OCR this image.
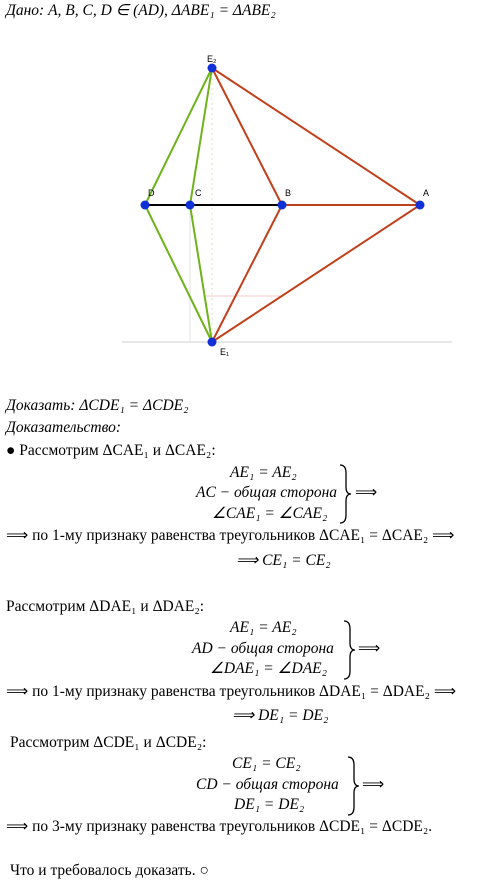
Дано: A, B, C, D ∈ (AD), ΔABE₁ = ΔABE₂
E₂
D	C	B	A
E₁
Доказать: ΔCDE₁ = ΔCDE₂
Доказательство:
● Рассмотрим ΔCAE₁ и ΔCAE₂:
AE₁ = AE₂
AC − общая сторона
∠CAE₁ = ∠CAE₂
⟹
⟹ по 1-му признаку равенства треугольников ΔCAE₁ = ΔCAE₂ ⟹
⟹ CE₁ = CE₂
Рассмотрим ΔDAE₁ и ΔDAE₂:
AE₁ = AE₂
AD − общая сторона
∠DAE₁ = ∠DAE₂
⟹
⟹ по 1-му признаку равенства треугольников ΔDAE₁ = ΔDAE₂ ⟹
⟹ DE₁ = DE₂
Рассмотрим ΔCDE₁ и ΔCDE₂:
CE₁ = CE₂
CD − общая сторона
DE₁ = DE₂
⟹
⟹ по 3-му признаку равенства треугольников ΔCDE₁ = ΔCDE₂.
Что и требовалось доказать. ○
